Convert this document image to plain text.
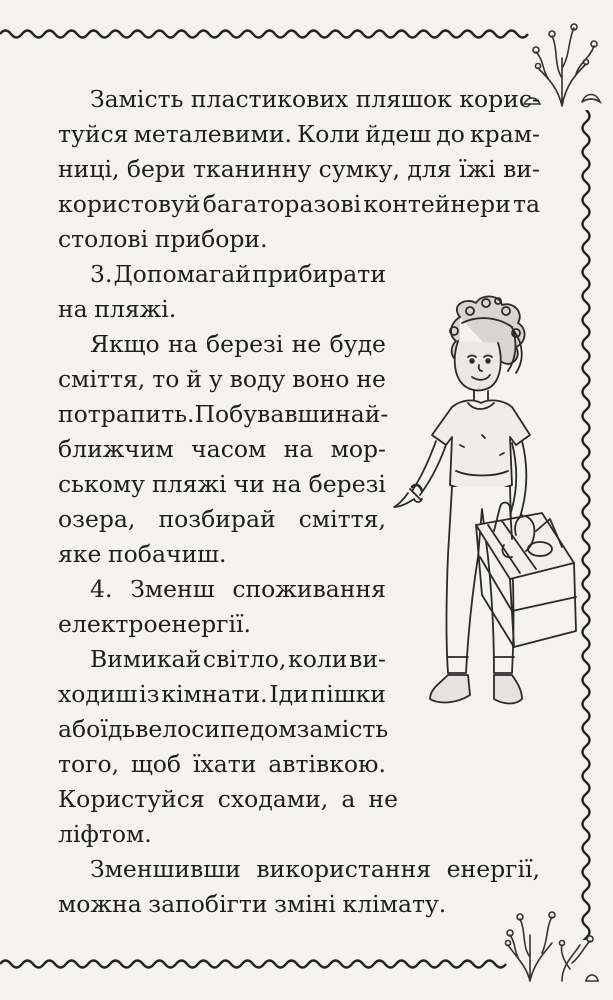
Замість пластикових пляшок корис-
туйся металевими. Коли йдеш до крам-
ниці, бери тканинну сумку, для їжі ви-
користовуй багаторазові контейнери та
столові прибори.
3. Допомагай прибирати
на пляжі.
Якщо на березі не буде
сміття, то й у воду воно не
потрапить. Побувавши най-
ближчим часом на мор-
ському пляжі чи на березі
озера, позбирай сміття,
яке побачиш.
4. Зменш споживання
електроенергії.
Вимикай світло, коли ви-
ходиш із кімнати. Іди пішки
або їдь велосипедом замість
того, щоб їхати автівкою.
Користуйся сходами, а не
ліфтом.
Зменшивши використання енергії,
можна запобігти зміні клімату.
